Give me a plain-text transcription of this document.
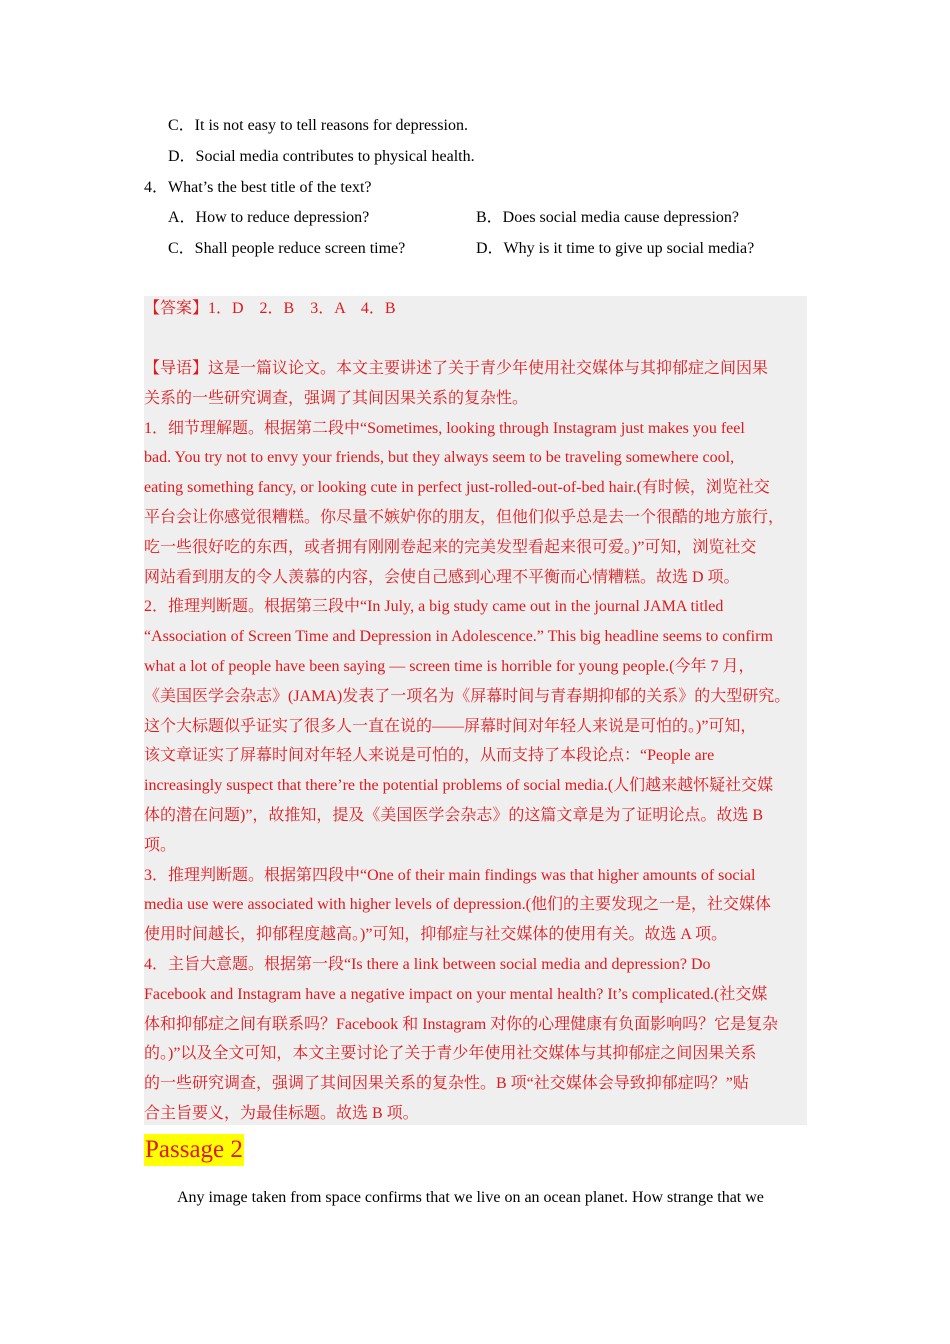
C．It is not easy to tell reasons for depression.
D．Social media contributes to physical health.
4．What’s the best title of the text?
A．How to reduce depression?	B．Does social media cause depression?
C．Shall people reduce screen time?	D．Why is it time to give up social media?
【答案】1．D　2．B　3．A　4．B
【导语】这是一篇议论文。本文主要讲述了关于青少年使用社交媒体与其抑郁症之间因果
关系的一些研究调查，强调了其间因果关系的复杂性。
1．细节理解题。根据第二段中“Sometimes, looking through Instagram just makes you feel
bad. You try not to envy your friends, but they always seem to be traveling somewhere cool,
eating something fancy, or looking cute in perfect just-rolled-out-of-bed hair.(有时候，浏览社交
平台会让你感觉很糟糕。你尽量不嫉妒你的朋友，但他们似乎总是去一个很酷的地方旅行，
吃一些很好吃的东西，或者拥有刚刚卷起来的完美发型看起来很可爱。)”可知，浏览社交
网站看到朋友的令人羡慕的内容，会使自己感到心理不平衡而心情糟糕。故选 D 项。
2．推理判断题。根据第三段中“In July, a big study came out in the journal JAMA titled
“Association of Screen Time and Depression in Adolescence.” This big headline seems to confirm
what a lot of people have been saying — screen time is horrible for young people.(今年 7 月，
《美国医学会杂志》(JAMA)发表了一项名为《屏幕时间与青春期抑郁的关系》的大型研究。
这个大标题似乎证实了很多人一直在说的——屏幕时间对年轻人来说是可怕的。)”可知，
该文章证实了屏幕时间对年轻人来说是可怕的，从而支持了本段论点：“People are
increasingly suspect that there’re the potential problems of social media.(人们越来越怀疑社交媒
体的潜在问题)”，故推知，提及《美国医学会杂志》的这篇文章是为了证明论点。故选 B
项。
3．推理判断题。根据第四段中“One of their main findings was that higher amounts of social
media use were associated with higher levels of depression.(他们的主要发现之一是，社交媒体
使用时间越长，抑郁程度越高。)”可知，抑郁症与社交媒体的使用有关。故选 A 项。
4．主旨大意题。根据第一段“Is there a link between social media and depression? Do
Facebook and Instagram have a negative impact on your mental health? It’s complicated.(社交媒
体和抑郁症之间有联系吗？Facebook 和 Instagram 对你的心理健康有负面影响吗？它是复杂
的。)”以及全文可知，本文主要讨论了关于青少年使用社交媒体与其抑郁症之间因果关系
的一些研究调查，强调了其间因果关系的复杂性。B 项“社交媒体会导致抑郁症吗？”贴
合主旨要义，为最佳标题。故选 B 项。
Passage 2
Any image taken from space confirms that we live on an ocean planet. How strange that we
